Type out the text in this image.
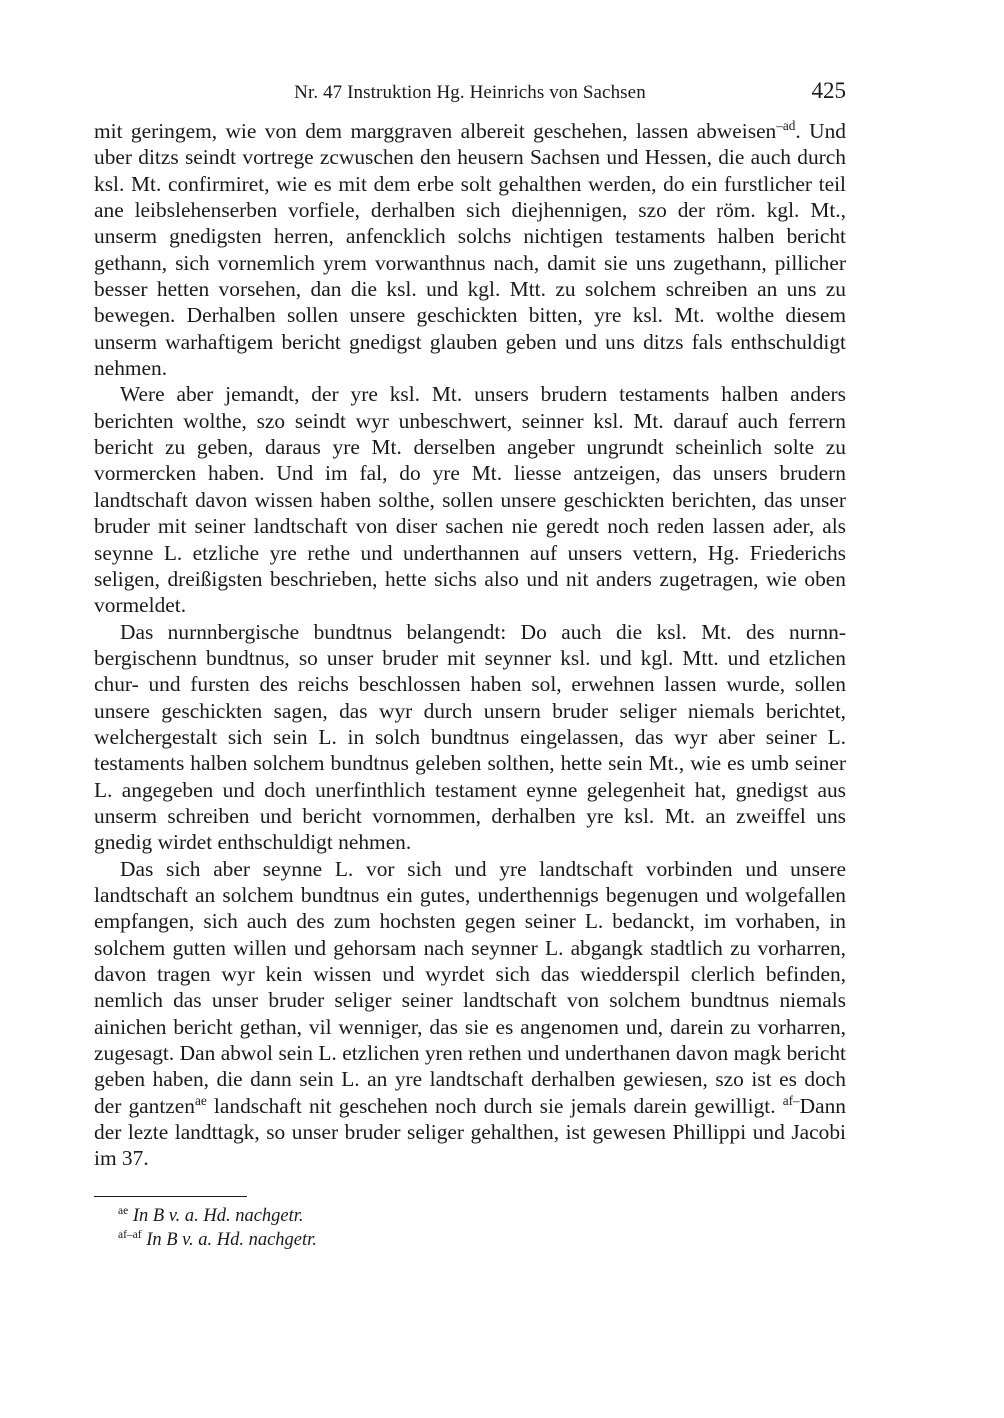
Nr. 47 Instruktion Hg. Heinrichs von Sachsen	425

mit geringem, wie von dem marggraven albereit geschehen, lassen abweisen$^{-ad}$. Und uber ditzs seindt vortrege zcwuschen den heusern Sachsen und Hessen, die auch durch ksl. Mt. confirmiret, wie es mit dem erbe solt gehalthen werden, do ein furstlicher teil ane leibslehenserben vorfiele, derhalben sich diejhennigen, szo der röm. kgl. Mt., unserm gnedigsten herren, anfencklich solchs nichtigen testaments halben bericht gethann, sich vornemlich yrem vorwanthnus nach, damit sie uns zugethann, pillicher besser hetten vorsehen, dan die ksl. und kgl. Mtt. zu solchem schreiben an uns zu bewegen. Derhalben sollen unsere geschickten bitten, yre ksl. Mt. wolthe diesem unserm warhaftigem bericht gnedigst glauben geben und uns ditzs fals enthschuldigt nehmen.

Were aber jemandt, der yre ksl. Mt. unsers brudern testaments halben anders berichten wolthe, szo seindt wyr unbeschwert, seinner ksl. Mt. darauf auch ferrern bericht zu geben, daraus yre Mt. derselben angeber ungrundt scheinlich solte zu vormercken haben. Und im fal, do yre Mt. liesse antzeigen, das unsers brudern landtschaft davon wissen haben solthe, sollen unsere geschickten berichten, das unser bruder mit seiner landtschaft von diser sachen nie geredt noch reden lassen ader, als seynne L. etzliche yre rethe und underthannen auf unsers vettern, Hg. Friederichs seligen, dreißigsten beschrieben, hette sichs also und nit anders zugetragen, wie oben vormeldet.

Das nurnnbergische bundtnus belangendt: Do auch die ksl. Mt. des nurnnbergischenn bundtnus, so unser bruder mit seynner ksl. und kgl. Mtt. und etzlichen chur- und fursten des reichs beschlossen haben sol, erwehnen lassen wurde, sollen unsere geschickten sagen, das wyr durch unsern bruder seliger niemals berichtet, welchergestalt sich sein L. in solch bundtnus eingelassen, das wyr aber seiner L. testaments halben solchem bundtnus geleben solthen, hette sein Mt., wie es umb seiner L. angegeben und doch unerfinthlich testament eynne gelegenheit hat, gnedigst aus unserm schreiben und bericht vornommen, derhalben yre ksl. Mt. an zweiffel uns gnedig wirdet enthschuldigt nehmen.

Das sich aber seynne L. vor sich und yre landtschaft vorbinden und unsere landtschaft an solchem bundtnus ein gutes, underthennigs begenugen und wolgefallen empfangen, sich auch des zum hochsten gegen seiner L. bedanckt, im vorhaben, in solchem gutten willen und gehorsam nach seynner L. abgangk stadtlich zu vorharren, davon tragen wyr kein wissen und wyrdet sich das wiedderspil clerlich befinden, nemlich das unser bruder seliger seiner landtschaft von solchem bundtnus niemals ainichen bericht gethan, vil wenniger, das sie es angenomen und, darein zu vorharren, zugesagt. Dan abwol sein L. etzlichen yren rethen und underthanen davon magk bericht geben haben, die dann sein L. an yre landtschaft derhalben gewiesen, szo ist es doch der gantzen$^{ae}$ landschaft nit geschehen noch durch sie jemals darein gewilligt. $^{af-}$Dann der lezte landttagk, so unser bruder seliger gehalthen, ist gewesen Phillippi und Jacobi im 37.

$^{ae}$ In B v. a. Hd. nachgetr.

$^{af-af}$ In B v. a. Hd. nachgetr.
